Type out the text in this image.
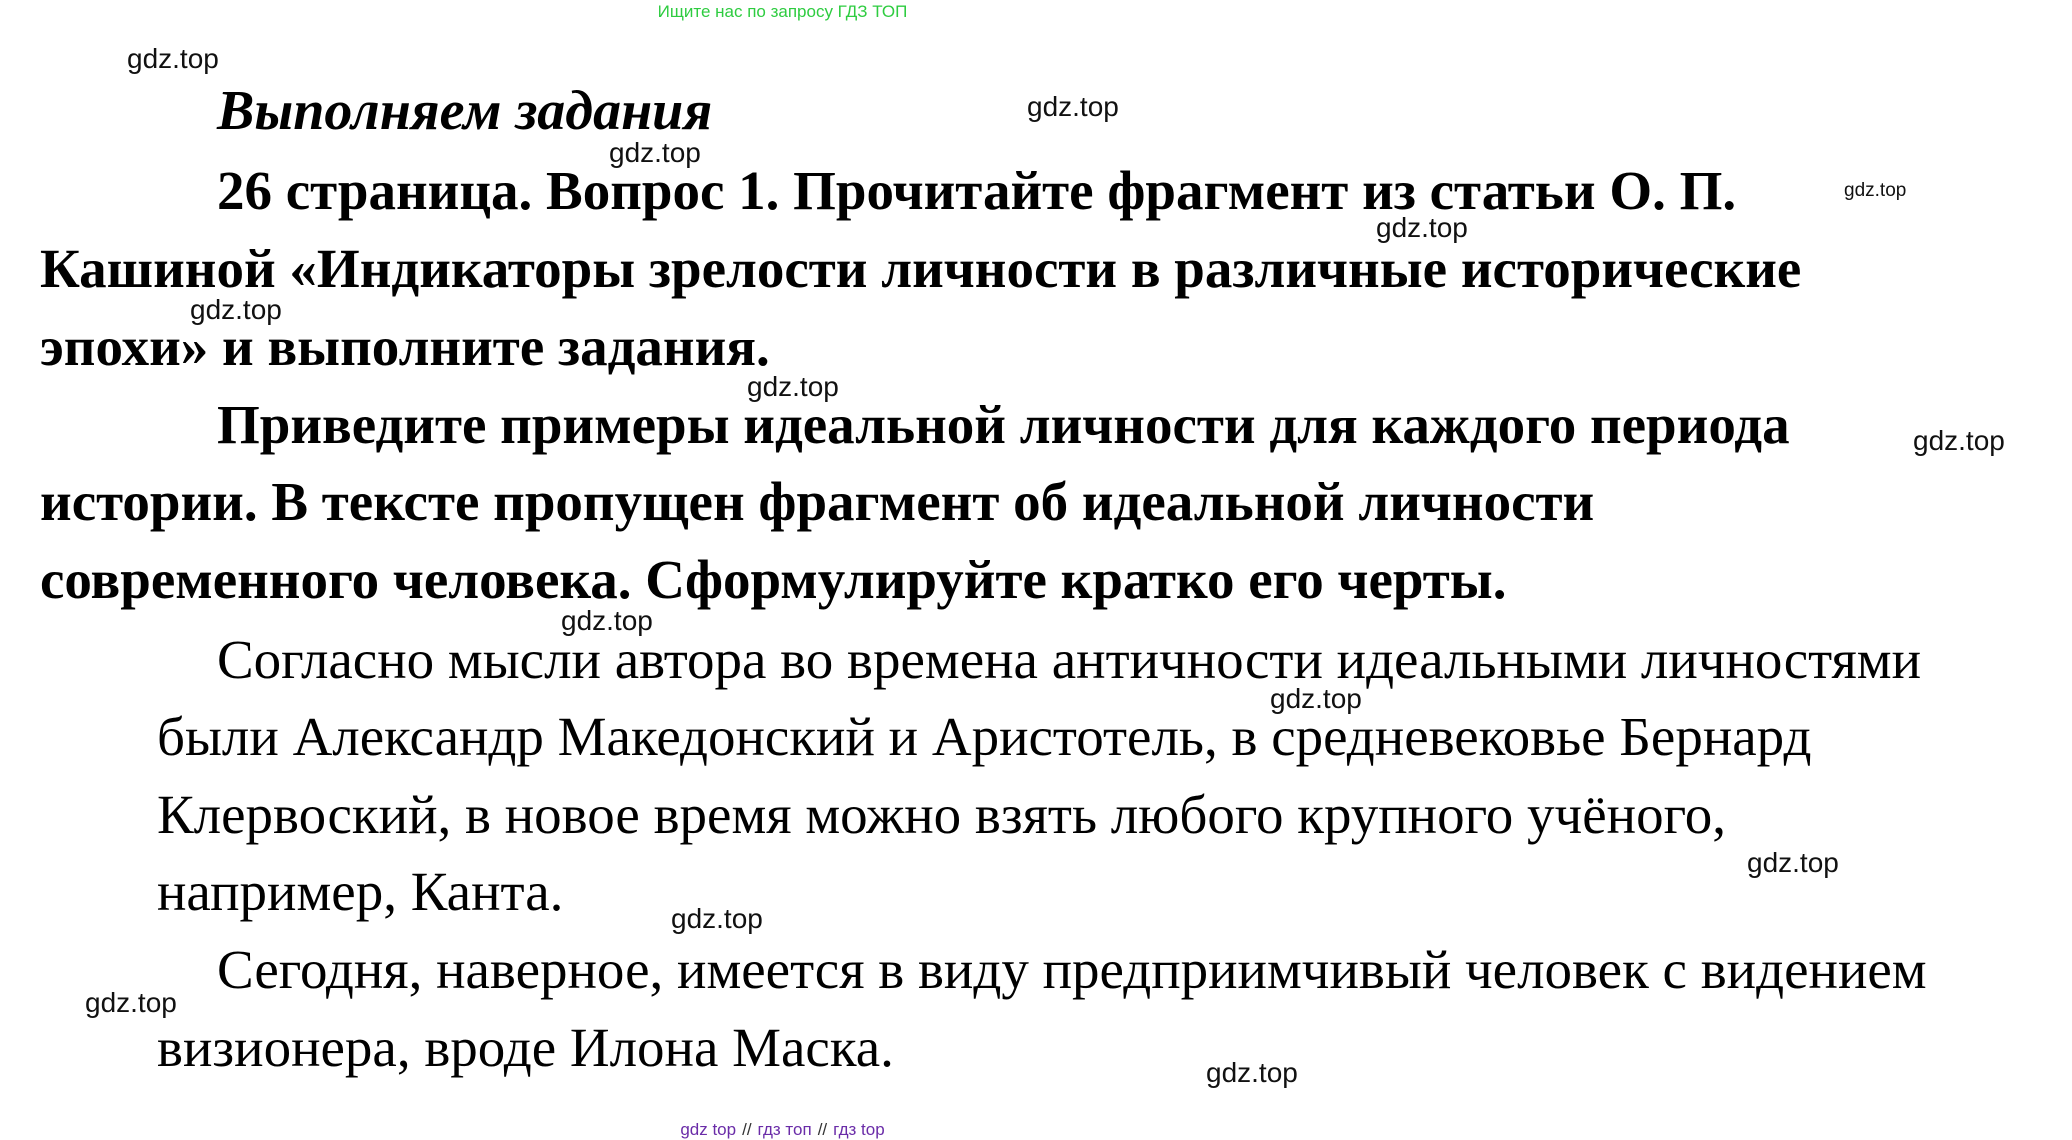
Ищите нас по запросу ГДЗ ТОП
gdz.top
gdz.top
gdz.top
gdz.top
gdz.top
gdz.top
gdz.top
gdz.top
gdz.top
gdz.top
gdz.top
gdz.top
gdz.top
gdz.top
Выполняем задания
26 страница. Вопрос 1. Прочитайте фрагмент из статьи О. П.
Кашиной «Индикаторы зрелости личности в различные исторические
эпохи» и выполните задания.
Приведите примеры идеальной личности для каждого периода
истории. В тексте пропущен фрагмент об идеальной личности
современного человека. Сформулируйте кратко его черты.
Согласно мысли автора во времена античности идеальными личностями
были Александр Македонский и Аристотель, в средневековье Бернард
Клервоский, в новое время можно взять любого крупного учёного,
например, Канта.
Сегодня, наверное, имеется в виду предприимчивый человек с видением
визионера, вроде Илона Маска.
gdz top // гдз топ // гдз top
